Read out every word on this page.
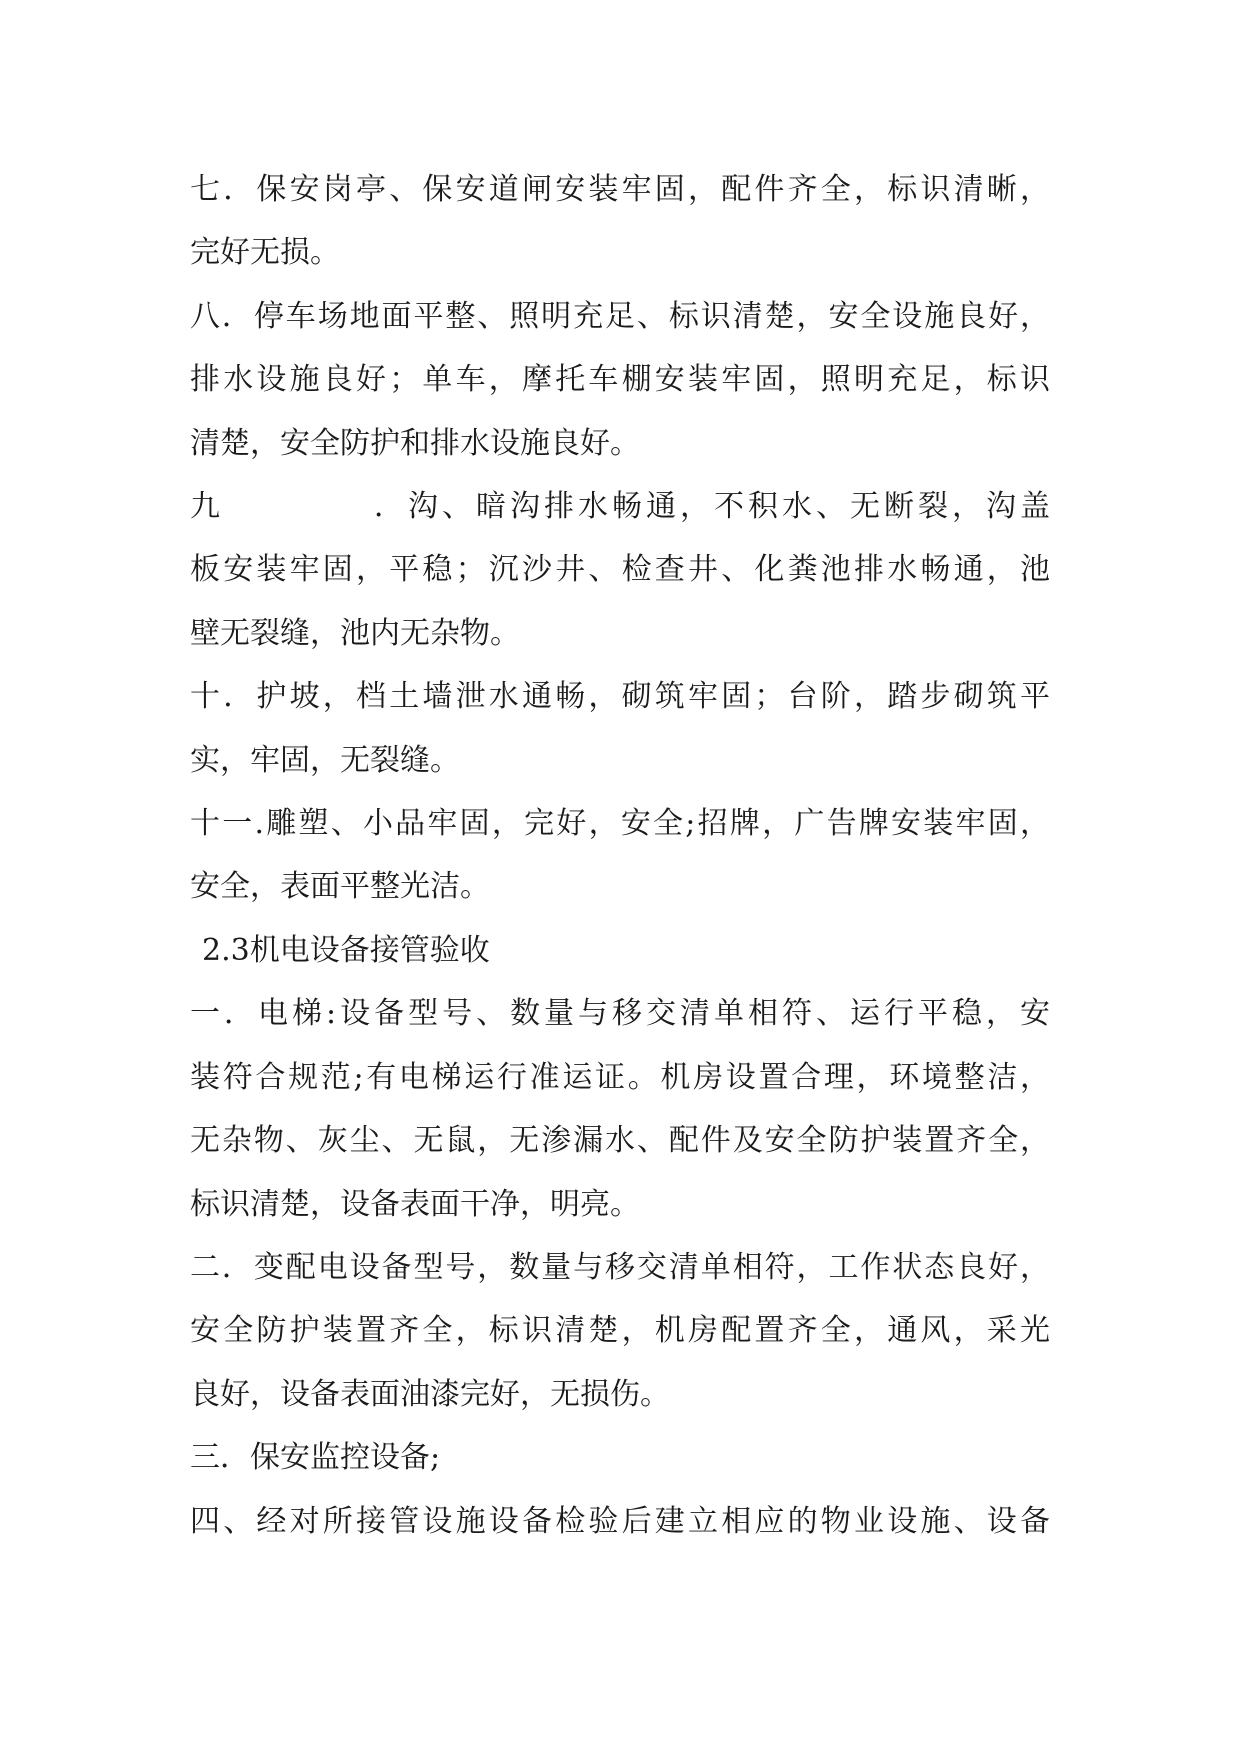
七．保安岗亭、保安道闸安装牢固，配件齐全，标识清晰，
完好无损。
八．停车场地面平整、照明充足、标识清楚，安全设施良好，
排水设施良好；单车，摩托车棚安装牢固，照明充足，标识
清楚，安全防护和排水设施良好。
九．沟、暗沟排水畅通，不积水、无断裂，沟盖
板安装牢固，平稳；沉沙井、检查井、化粪池排水畅通，池
壁无裂缝，池内无杂物。
十．护坡，档土墙泄水通畅，砌筑牢固；台阶，踏步砌筑平
实，牢固，无裂缝。
十一.雕塑、小品牢固，完好，安全;招牌，广告牌安装牢固，
安全，表面平整光洁。
2.3机电设备接管验收
一．电梯:设备型号、数量与移交清单相符、运行平稳，安
装符合规范;有电梯运行准运证。机房设置合理，环境整洁，
无杂物、灰尘、无鼠，无渗漏水、配件及安全防护装置齐全，
标识清楚，设备表面干净，明亮。
二．变配电设备型号，数量与移交清单相符，工作状态良好，
安全防护装置齐全，标识清楚，机房配置齐全，通风，采光
良好，设备表面油漆完好，无损伤。
三．保安监控设备;
四、经对所接管设施设备检验后建立相应的物业设施、设备
